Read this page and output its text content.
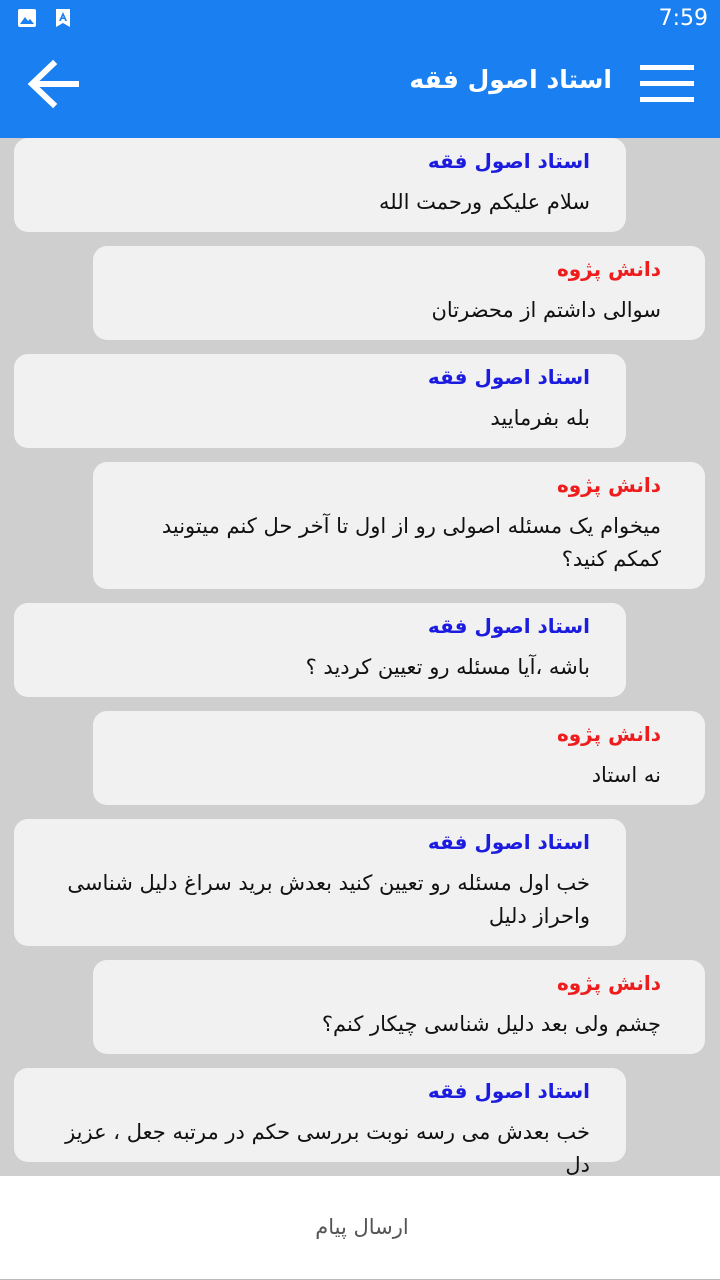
7:59
استاد اصول فقه
استاد اصول فقه
سلام علیکم ورحمت الله
دانش پژوه
سوالی داشتم از محضرتان
استاد اصول فقه
بله بفرمایید
دانش پژوه
میخوام یک مسئله اصولی رو از اول تا آخر حل کنم میتونید کمکم کنید؟
استاد اصول فقه
باشه ،آیا مسئله رو تعیین کردید ؟
دانش پژوه
نه استاد
استاد اصول فقه
خب اول مسئله رو تعیین کنید بعدش برید سراغ دلیل شناسی واحراز دلیل
دانش پژوه
چشم ولی بعد دلیل شناسی چیکار کنم؟
استاد اصول فقه
خب بعدش می رسه نوبت بررسی حکم در مرتبه جعل ، عزیز دل
ارسال پیام
